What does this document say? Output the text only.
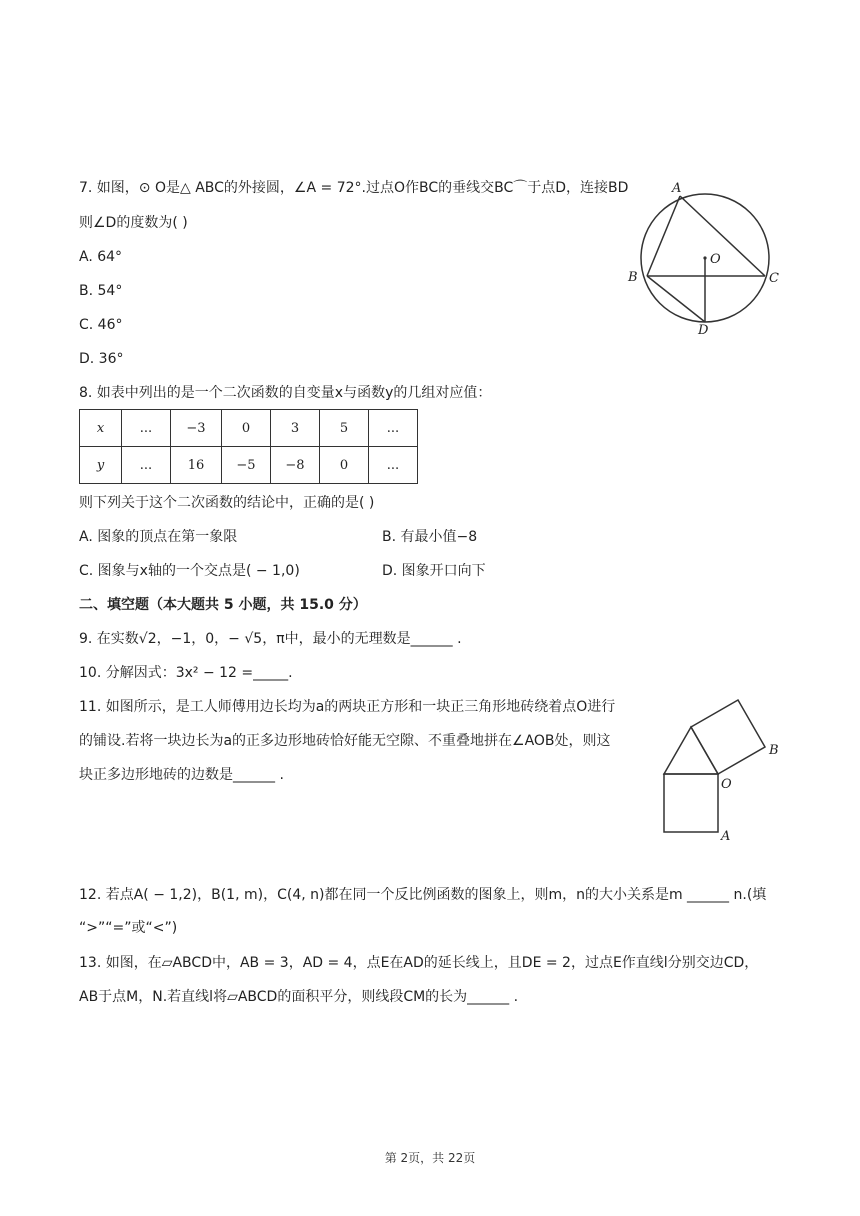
7. 如图，⊙ O是△ ABC的外接圆，∠A = 72°.过点O作BC的垂线交BC⌒于点D，连接BD
则∠D的度数为( )
A. 64°
B. 54°
C. 46°
D. 36°
A
B	C
O
D
8. 如表中列出的是一个二次函数的自变量x与函数y的几组对应值：
x	...	−3	0	3	5	...
y	...	16	−5	−8	0	...
则下列关于这个二次函数的结论中，正确的是( )
A. 图象的顶点在第一象限	B. 有最小值−8
C. 图象与x轴的一个交点是( − 1,0)	D. 图象开口向下
二、填空题（本大题共 5 小题，共 15.0 分）
9. 在实数√2，−1，0，− √5，π中，最小的无理数是______ .
10. 分解因式：3x² − 12 =_____.
11. 如图所示，是工人师傅用边长均为a的两块正方形和一块正三角形地砖绕着点O进行
的铺设.若将一块边长为a的正多边形地砖恰好能无空隙、不重叠地拼在∠AOB处，则这
块正多边形地砖的边数是______ .
B
O
A
12. 若点A( − 1,2)，B(1, m)，C(4, n)都在同一个反比例函数的图象上，则m，n的大小关系是m ______ n.(填
“>”“=”或“<”)
13. 如图，在▱ABCD中，AB = 3，AD = 4，点E在AD的延长线上，且DE = 2，过点E作直线l分别交边CD，
AB于点M，N.若直线l将▱ABCD的面积平分，则线段CM的长为______ .
第 2页，共 22页
